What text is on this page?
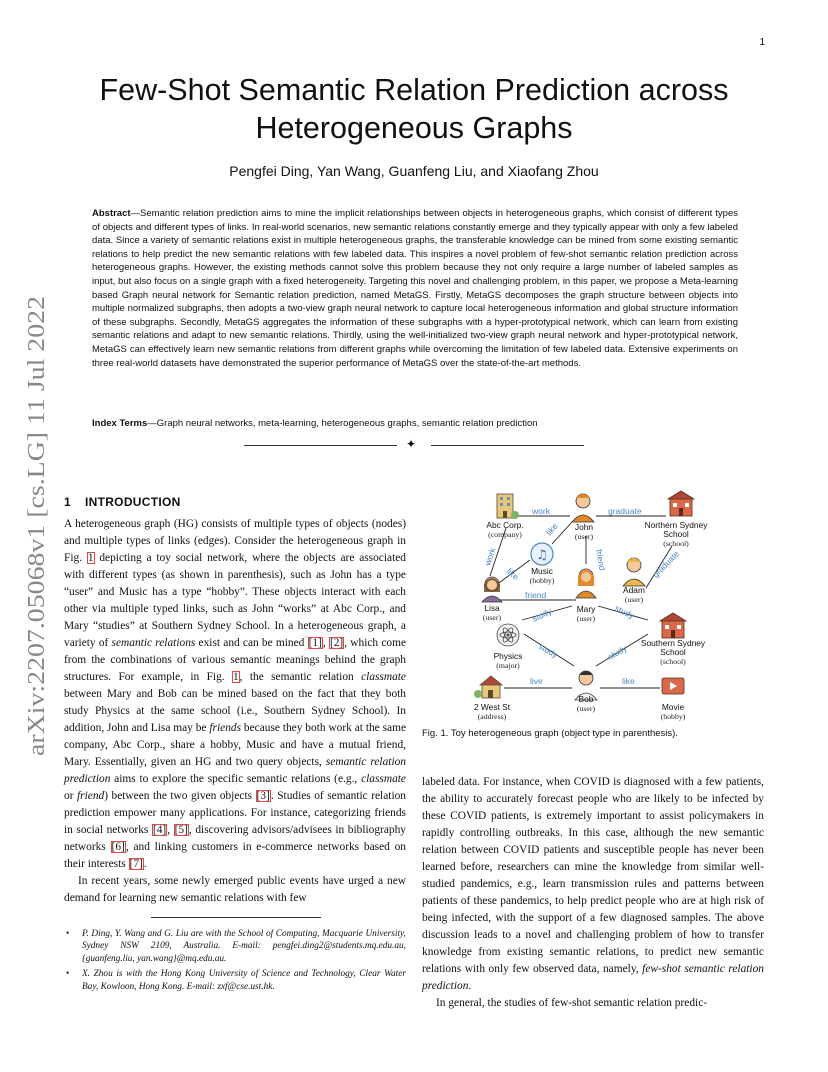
1
arXiv:2207.05068v1 [cs.LG] 11 Jul 2022
Few-Shot Semantic Relation Prediction across
Heterogeneous Graphs
Pengfei Ding, Yan Wang, Guanfeng Liu, and Xiaofang Zhou

Abstract—Semantic relation prediction aims to mine the implicit relationships between objects in heterogeneous graphs, which consist of different types of objects and different types of links. In real-world scenarios, new semantic relations constantly emerge and they typically appear with only a few labeled data. Since a variety of semantic relations exist in multiple heterogeneous graphs, the transferable knowledge can be mined from some existing semantic relations to help predict the new semantic relations with few labeled data. This inspires a novel problem of few-shot semantic relation prediction across heterogeneous graphs. However, the existing methods cannot solve this problem because they not only require a large number of labeled samples as input, but also focus on a single graph with a fixed heterogeneity. Targeting this novel and challenging problem, in this paper, we propose a Meta-learning based Graph neural network for Semantic relation prediction, named MetaGS. Firstly, MetaGS decomposes the graph structure between objects into multiple normalized subgraphs, then adopts a two-view graph neural network to capture local heterogeneous information and global structure information of these subgraphs. Secondly, MetaGS aggregates the information of these subgraphs with a hyper-prototypical network, which can learn from existing semantic relations and adapt to new semantic relations. Thirdly, using the well-initialized two-view graph neural network and hyper-prototypical network, MetaGS can effectively learn new semantic relations from different graphs while overcoming the limitation of few labeled data. Extensive experiments on three real-world datasets have demonstrated the superior performance of MetaGS over the state-of-the-art methods.

Index Terms—Graph neural networks, meta-learning, heterogeneous graphs, semantic relation prediction
✦
1 INTRODUCTION

A heterogeneous graph (HG) consists of multiple types of objects (nodes) and multiple types of links (edges). Consider the heterogeneous graph in Fig. 1 depicting a toy social network, where the objects are associated with different types (as shown in parenthesis), such as John has a type “user” and Music has a type “hobby”. These objects interact with each other via multiple typed links, such as John “works” at Abc Corp., and Mary “studies” at Southern Sydney School. In a heterogeneous graph, a variety of semantic relations exist and can be mined [1], [2], which come from the combinations of various semantic meanings behind the graph structures. For example, in Fig. 1, the semantic relation classmate between Mary and Bob can be mined based on the fact that they both study Physics at the same school (i.e., Southern Sydney School). In addition, John and Lisa may be friends because they both work at the same company, Abc Corp., share a hobby, Music and have a mutual friend, Mary. Essentially, given an HG and two query objects, semantic relation prediction aims to explore the specific semantic relations (e.g., classmate or friend) between the two given objects [3]. Studies of semantic relation prediction empower many applications. For instance, categorizing friends in social networks [4], [5], discovering advisors/advisees in bibliography networks [6], and linking customers in e-commerce networks based on their interests [7].

In recent years, some newly emerged public events have urged a new demand for learning new semantic relations with few

• P. Ding, Y. Wang and G. Liu are with the School of Computing, Macquarie University, Sydney NSW 2109, Australia. E-mail: pengfei.ding2@students.mq.edu.au, {guanfeng.liu, yan.wang}@mq.edu.au.
• X. Zhou is with the Hong Kong University of Science and Technology, Clear Water Bay, Kowloon, Hong Kong. E-mail: zxf@cse.ust.hk.
work	graduate
like
friend	graduate
work
like
friend
study	study
study	study
live	like
Abc Corp.
(company)
John
(user)
Northern Sydney
School
(school)
♫
Music
(hobby)
Adam
(user)
Lisa
(user)
Mary
(user)
Southern Sydney
School
(school)
Physics
(major)
2 West St
(address)
Bob
(user)	Movie
(hobby)
Fig. 1. Toy heterogeneous graph (object type in parenthesis).

labeled data. For instance, when COVID is diagnosed with a few patients, the ability to accurately forecast people who are likely to be infected by these COVID patients, is extremely important to assist policymakers in rapidly controlling outbreaks. In this case, although the new semantic relation between COVID patients and susceptible people has never been learned before, researchers can mine the knowledge from similar well-studied pandemics, e.g., learn transmission rules and patterns between patients of these pandemics, to help predict people who are at high risk of being infected, with the support of a few diagnosed samples. The above discussion leads to a novel and challenging problem of how to transfer knowledge from existing semantic relations, to predict new semantic relations with only few observed data, namely, few-shot semantic relation prediction.

In general, the studies of few-shot semantic relation predic-
